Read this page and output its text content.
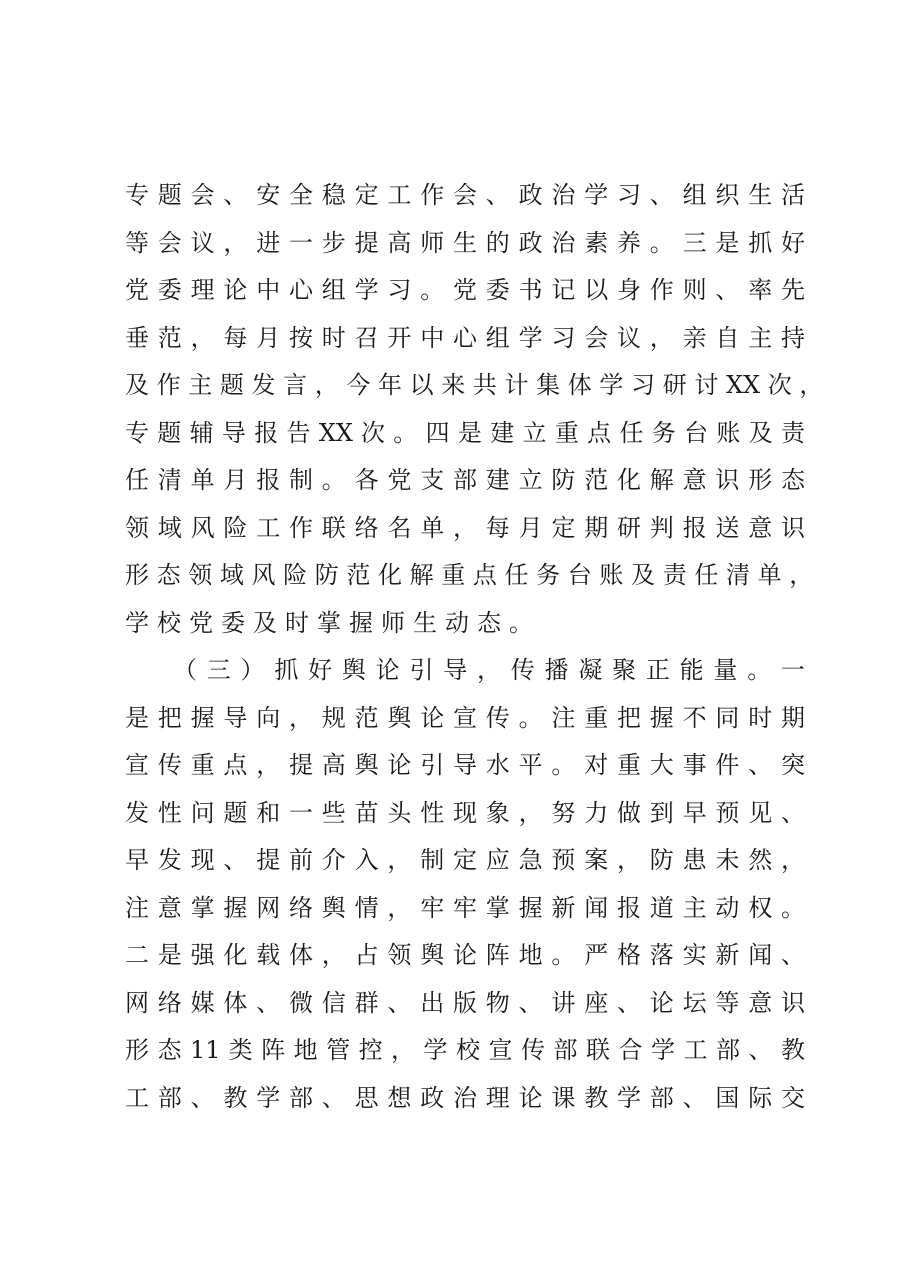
专 题 会 、 安 全 稳 定 工 作 会 、 政 治 学 习 、 组 织 生 活
等 会 议 ， 进 一 步 提 高 师 生 的 政 治 素 养 。 三 是 抓 好
党 委 理 论 中 心 组 学 习 。 党 委 书 记 以 身 作 则 、 率 先
垂 范 ， 每 月 按 时 召 开 中 心 组 学 习 会 议 ， 亲 自 主 持
及 作 主 题 发 言 ， 今 年 以 来 共 计 集 体 学 习 研 讨 XX 次 ，
专 题 辅 导 报 告 XX 次 。 四 是 建 立 重 点 任 务 台 账 及 责
任 清 单 月 报 制 。 各 党 支 部 建 立 防 范 化 解 意 识 形 态
领 域 风 险 工 作 联 络 名 单 ， 每 月 定 期 研 判 报 送 意 识
形 态 领 域 风 险 防 范 化 解 重 点 任 务 台 账 及 责 任 清 单 ，
学校党委及时掌握师生动态。
（ 三 ） 抓 好 舆 论 引 导 ， 传 播 凝 聚 正 能 量 。 一
是 把 握 导 向 ， 规 范 舆 论 宣 传 。 注 重 把 握 不 同 时 期
宣 传 重 点 ， 提 高 舆 论 引 导 水 平 。 对 重 大 事 件 、 突
发 性 问 题 和 一 些 苗 头 性 现 象 ， 努 力 做 到 早 预 见 、
早 发 现 、 提 前 介 入 ， 制 定 应 急 预 案 ， 防 患 未 然 ，
注 意 掌 握 网 络 舆 情 ， 牢 牢 掌 握 新 闻 报 道 主 动 权 。
二 是 强 化 载 体 ， 占 领 舆 论 阵 地 。 严 格 落 实 新 闻 、
网 络 媒 体 、 微 信 群 、 出 版 物 、 讲 座 、 论 坛 等 意 识
形 态 11 类 阵 地 管 控 ， 学 校 宣 传 部 联 合 学 工 部 、 教
工 部 、 教 学 部 、 思 想 政 治 理 论 课 教 学 部 、 国 际 交
